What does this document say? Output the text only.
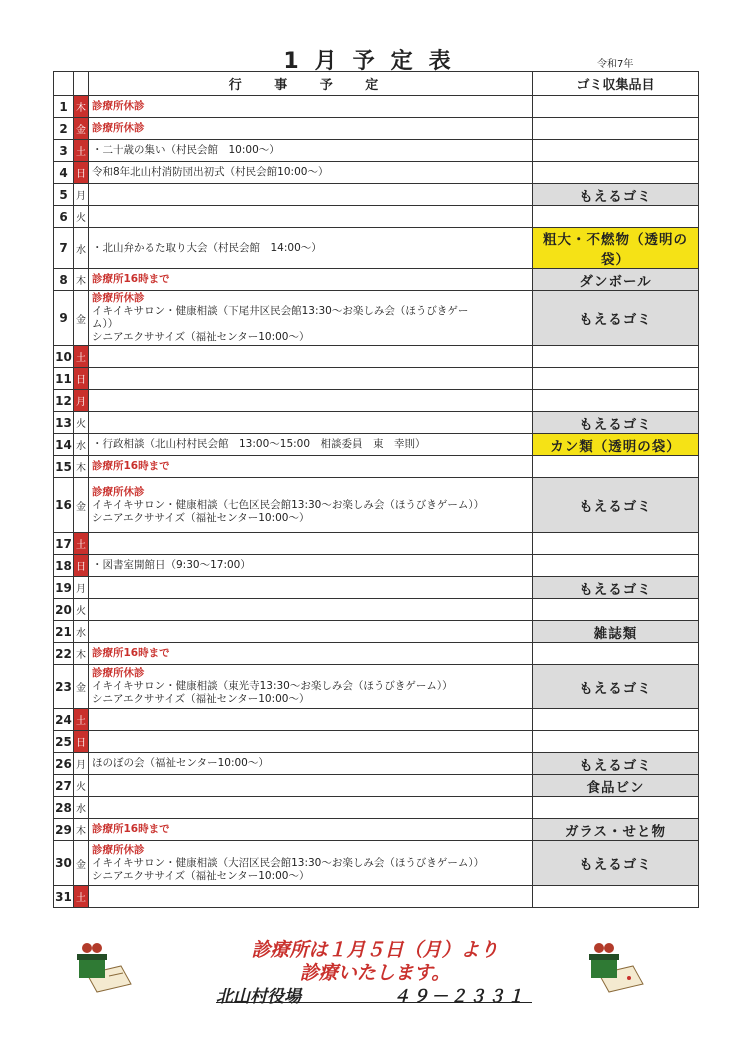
1月予定表	令和7年
		行 事 予 定	ゴミ収集品目
1	木	診療所休診	

2	金	診療所休診	

3	土	・二十歳の集い（村民会館　10:00～）	

4	日	令和8年北山村消防団出初式（村民会館10:00～）	

5	月		もえるゴミ
6	火		
7	水	・北山弁かるた取り大会（村民会館　14:00～）	粗大・不燃物（透明の袋）
8	木	診療所16時まで	ダンボール
9	金	診療所休診
イキイキサロン・健康相談（下尾井区民会館13:30～お楽しみ会（ほうびきゲー
ム））
シニアエクササイズ（福祉センター10:00～）	もえるゴミ
10	土		
11	日		
12	月		
13	火		もえるゴミ
14	水	・行政相談（北山村村民会館　13:00～15:00　相談委員　東　幸則）	カン類（透明の袋）
15	木	診療所16時まで	

16	金	診療所休診
イキイキサロン・健康相談（七色区民会館13:30～お楽しみ会（ほうびきゲーム））
シニアエクササイズ（福祉センター10:00～）	もえるゴミ
17	土		
18	日	・図書室開館日（9:30～17:00）	

19	月		もえるゴミ
20	火		
21	水		雑誌類
22	木	診療所16時まで	

23	金	診療所休診
イキイキサロン・健康相談（東光寺13:30～お楽しみ会（ほうびきゲーム））
シニアエクササイズ（福祉センター10:00～）	もえるゴミ
24	土		
25	日		
26	月	ほのぼの会（福祉センター10:00～）	もえるゴミ
27	火		食品ビン
28	水		
29	木	診療所16時まで	ガラス・せと物
30	金	診療所休診
イキイキサロン・健康相談（大沼区民会館13:30～お楽しみ会（ほうびきゲーム））
シニアエクササイズ（福祉センター10:00～）	もえるゴミ
31	土		
診療所は１月５日（月）より
診療いたします。
北山村役場	４９－２３３１
